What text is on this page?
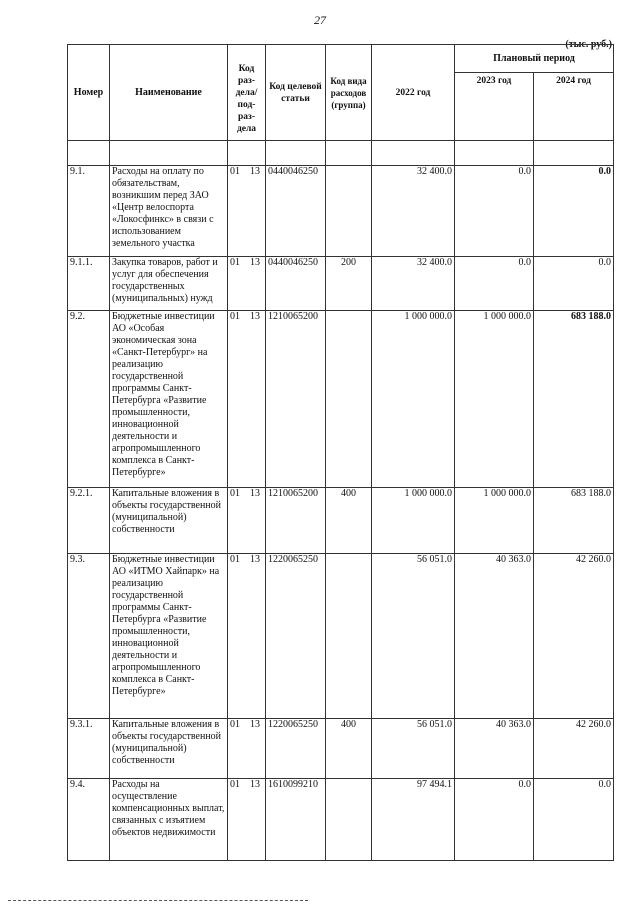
27
(тыс. руб.)
Номер	Наименование	Код раз-дела/ под-раз-дела	Код целевой статьи	Код вида расходов (группа)	2022 год	Плановый период	
						2023 год	2024 год

9.1.	Расходы на оплату по обязательствам, возникшим перед ЗАО «Центр велоспорта «Локосфинкс» в связи с использованием земельного участка	01 13	0440046250		32 400.0	0.0	0.0
9.1.1.	Закупка товаров, работ и услуг для обеспечения государственных (муниципальных) нужд	01 13	0440046250	200	32 400.0	0.0	0.0
9.2.	Бюджетные инвестиции АО «Особая экономическая зона «Санкт-Петербург» на реализацию государственной программы Санкт-Петербурга «Развитие промышленности, инновационной деятельности и агропромышленного комплекса в Санкт-Петербурге»	01 13	1210065200		1 000 000.0	1 000 000.0	683 188.0
9.2.1.	Капитальные вложения в объекты государственной (муниципальной) собственности	01 13	1210065200	400	1 000 000.0	1 000 000.0	683 188.0
9.3.	Бюджетные инвестиции АО «ИТМО Хайпарк» на реализацию государственной программы Санкт-Петербурга «Развитие промышленности, инновационной деятельности и агропромышленного комплекса в Санкт-Петербурге»	01 13	1220065250		56 051.0	40 363.0	42 260.0
9.3.1.	Капитальные вложения в объекты государственной (муниципальной) собственности	01 13	1220065250	400	56 051.0	40 363.0	42 260.0
9.4.	Расходы на осуществление компенсационных выплат, связанных с изъятием объектов недвижимости	01 13	1610099210		97 494.1	0.0	0.0
